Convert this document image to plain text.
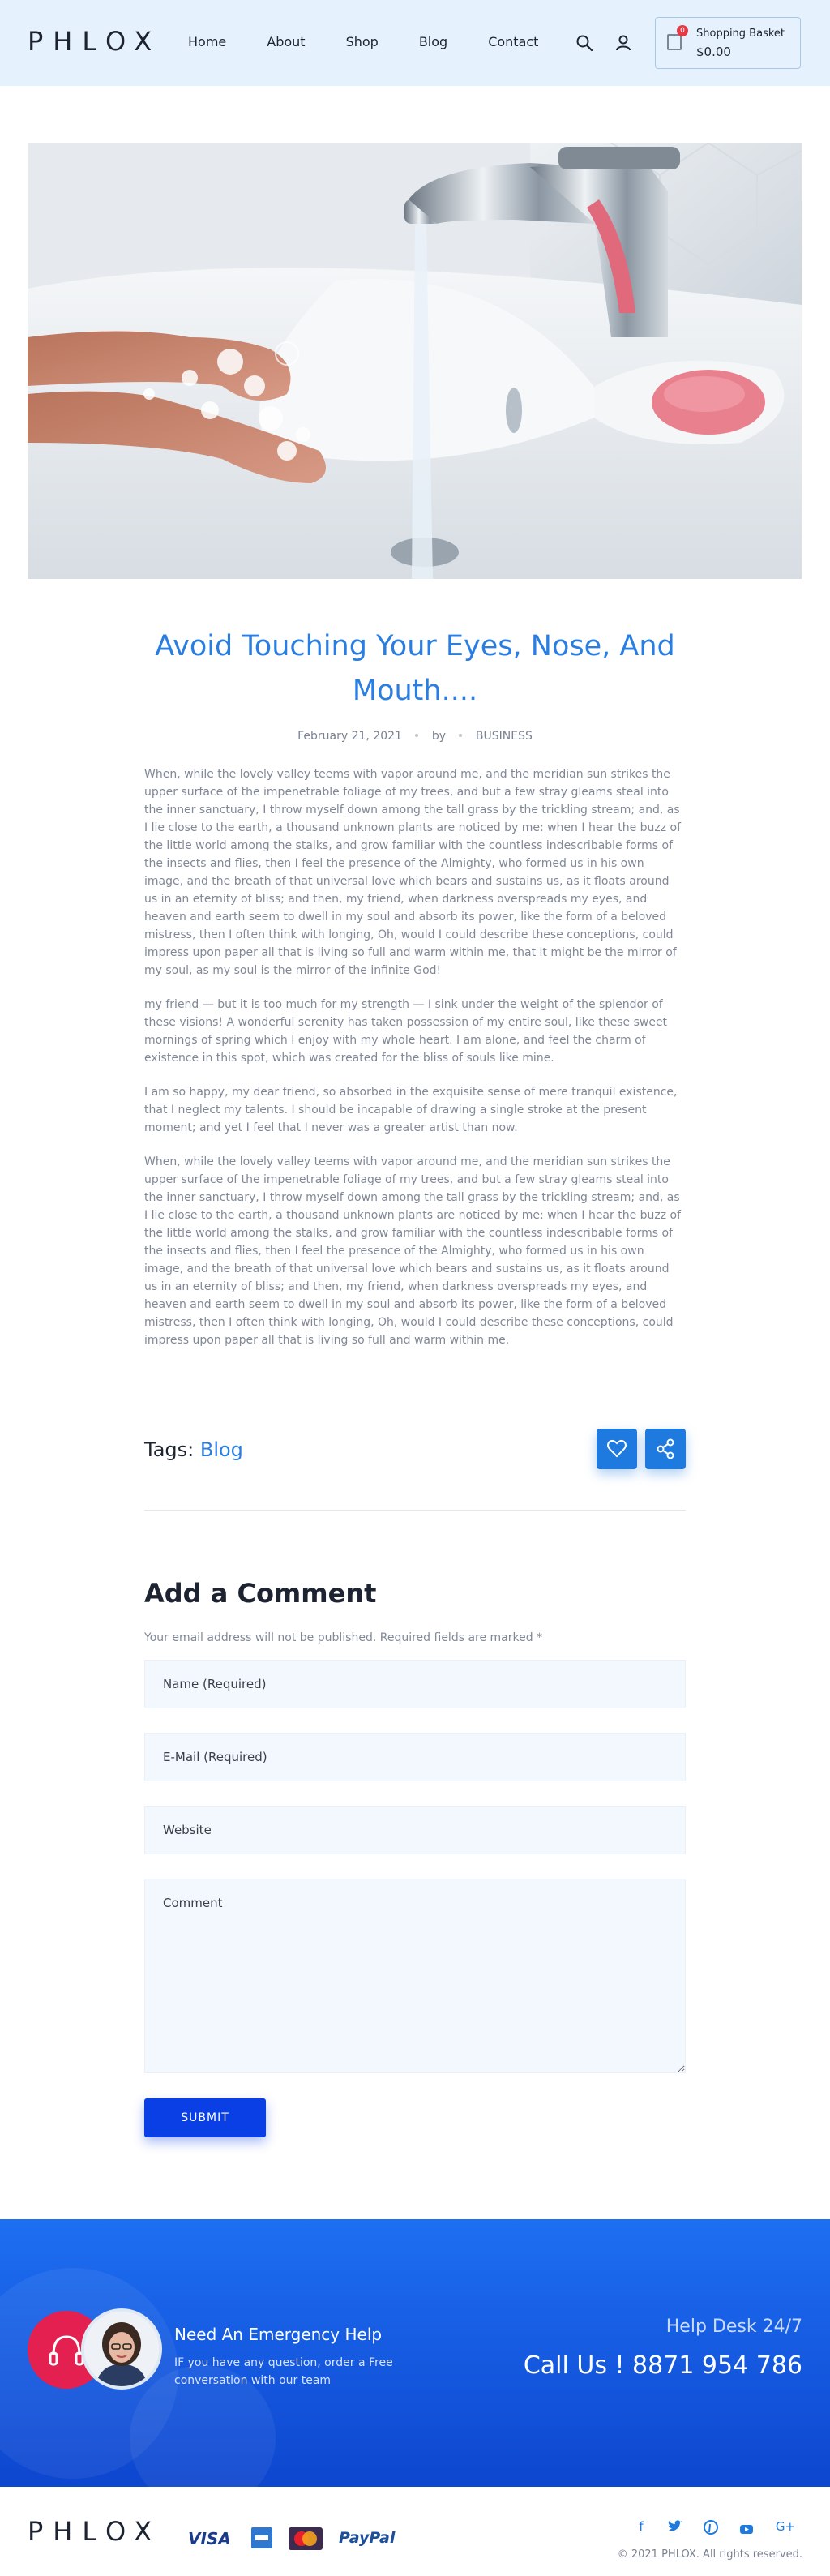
PHLOX Home	About	Shop	Blog	Contact
0	Shopping Basket
$0.00
Avoid Touching Your Eyes, Nose, And Mouth....
February 21, 2021	by	BUSINESS

When, while the lovely valley teems with vapor around me, and the meridian sun strikes the upper surface of the impenetrable foliage of my trees, and but a few stray gleams steal into the inner sanctuary, I throw myself down among the tall grass by the trickling stream; and, as I lie close to the earth, a thousand unknown plants are noticed by me: when I hear the buzz of the little world among the stalks, and grow familiar with the countless indescribable forms of the insects and flies, then I feel the presence of the Almighty, who formed us in his own image, and the breath of that universal love which bears and sustains us, as it floats around us in an eternity of bliss; and then, my friend, when darkness overspreads my eyes, and heaven and earth seem to dwell in my soul and absorb its power, like the form of a beloved mistress, then I often think with longing, Oh, would I could describe these conceptions, could impress upon paper all that is living so full and warm within me, that it might be the mirror of my soul, as my soul is the mirror of the infinite God!

my friend — but it is too much for my strength — I sink under the weight of the splendor of these visions! A wonderful serenity has taken possession of my entire soul, like these sweet mornings of spring which I enjoy with my whole heart. I am alone, and feel the charm of existence in this spot, which was created for the bliss of souls like mine.

I am so happy, my dear friend, so absorbed in the exquisite sense of mere tranquil existence, that I neglect my talents. I should be incapable of drawing a single stroke at the present moment; and yet I feel that I never was a greater artist than now.

When, while the lovely valley teems with vapor around me, and the meridian sun strikes the upper surface of the impenetrable foliage of my trees, and but a few stray gleams steal into the inner sanctuary, I throw myself down among the tall grass by the trickling stream; and, as I lie close to the earth, a thousand unknown plants are noticed by me: when I hear the buzz of the little world among the stalks, and grow familiar with the countless indescribable forms of the insects and flies, then I feel the presence of the Almighty, who formed us in his own image, and the breath of that universal love which bears and sustains us, as it floats around us in an eternity of bliss; and then, my friend, when darkness overspreads my eyes, and heaven and earth seem to dwell in my soul and absorb its power, like the form of a beloved mistress, then I often think with longing, Oh, would I could describe these conceptions, could impress upon paper all that is living so full and warm within me.

Tags: Blog
Add a Comment
Your email address will not be published. Required fields are marked *
Name (Required)
E-Mail (Required)
Website
Comment
SUBMIT
Need An Emergency Help
IF you have any question, order a Free conversation with our team
Help Desk 24/7
Call Us ! 8871 954 786
PHLOX VISA	PayPal
f	G+
© 2021 PHLOX. All rights reserved.
